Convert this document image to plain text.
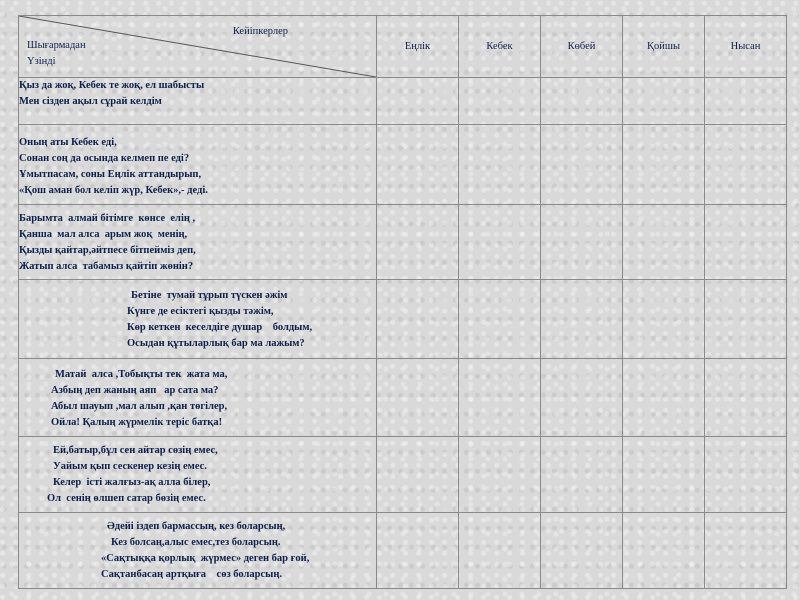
Кейіпкерлер
Шығармадан
Үзінді	Еңлік	Кебек	Көбей	Қойшы	Нысан

Қыз да жоқ, Кебек те жоқ, ел шабысты
Мен сізден ақыл сұрай келдім					

Оның аты Кебек еді,
Сонан соң да осында келмеп пе еді?
Ұмытпасам, соны Еңлік аттандырып,
«Қош аман бол келіп жүр, Кебек»,- деді.					

Барымта  алмай бітімге  көнсе  елің ,
Қанша  мал алса  арым жоқ  менің,
Қызды қайтар,әйтпесе бітпейміз деп,
Жатып алса  табамыз қайтіп жөнін?					

Бетіне  тумай тұрып түскен әжім
Күнге де есіктегі қызды тәжім,
Көр кеткен  кеселдіге душар    болдым,
Осыдан құтыларлық бар ма лажым?					

Матай  алса ,Тобықты тек  жата ма,
Азбың деп жаның аяп   ар сата ма?
Абыл шауып ,мал алып ,қан төгілер,
Ойла! Қалың жүрмелік теріс батқа!					

Ей,батыр,бұл сен айтар сөзің емес,
Уайым қып сескенер кезің емес.
Келер  істі жалғыз-ақ алла білер,
Ол  сенің өлшеп сатар бөзің емес.					

Әдейі іздеп бармассың, кез боларсың,
Кез болсаң,алыс емес,тез боларсың.
«Сақтыққа қорлық  жүрмес» деген бар ғой,
Сақтанбасаң артқыға    сөз боларсың.					
